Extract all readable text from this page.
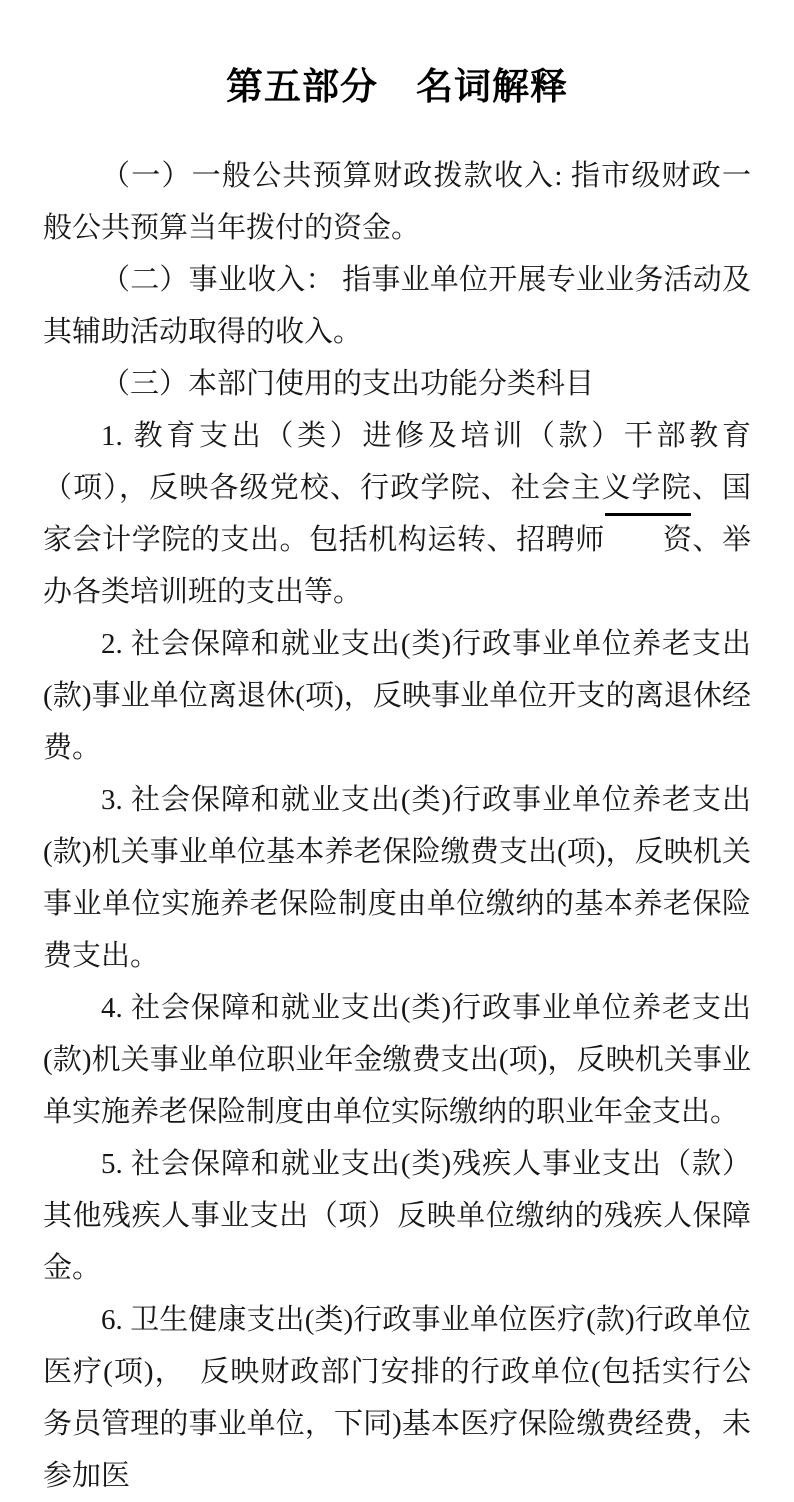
第五部分　名词解释

（一）一般公共预算财政拨款收入: 指市级财政一般公共预算当年拨付的资金。

（二）事业收入： 指事业单位开展专业业务活动及其辅助活动取得的收入。

（三）本部门使用的支出功能分类科目

1. 教育支出（类）进修及培训（款）干部教育（项），反映各级党校、行政学院、社会主义学院、国家会计学院的支出。包括机构运转、招聘师 资、举办各类培训班的支出等。

2. 社会保障和就业支出(类)行政事业单位养老支出(款)事业单位离退休(项)，反映事业单位开支的离退休经费。

3. 社会保障和就业支出(类)行政事业单位养老支出(款)机关事业单位基本养老保险缴费支出(项)，反映机关事业单位实施养老保险制度由单位缴纳的基本养老保险费支出。

4. 社会保障和就业支出(类)行政事业单位养老支出(款)机关事业单位职业年金缴费支出(项)，反映机关事业单实施养老保险制度由单位实际缴纳的职业年金支出。

5. 社会保障和就业支出(类)残疾人事业支出（款）其他残疾人事业支出（项）反映单位缴纳的残疾人保障金。

6. 卫生健康支出(类)行政事业单位医疗(款)行政单位医疗(项)，　反映财政部门安排的行政单位(包括实行公务员管理的事业单位，下同)基本医疗保险缴费经费，未参加医
